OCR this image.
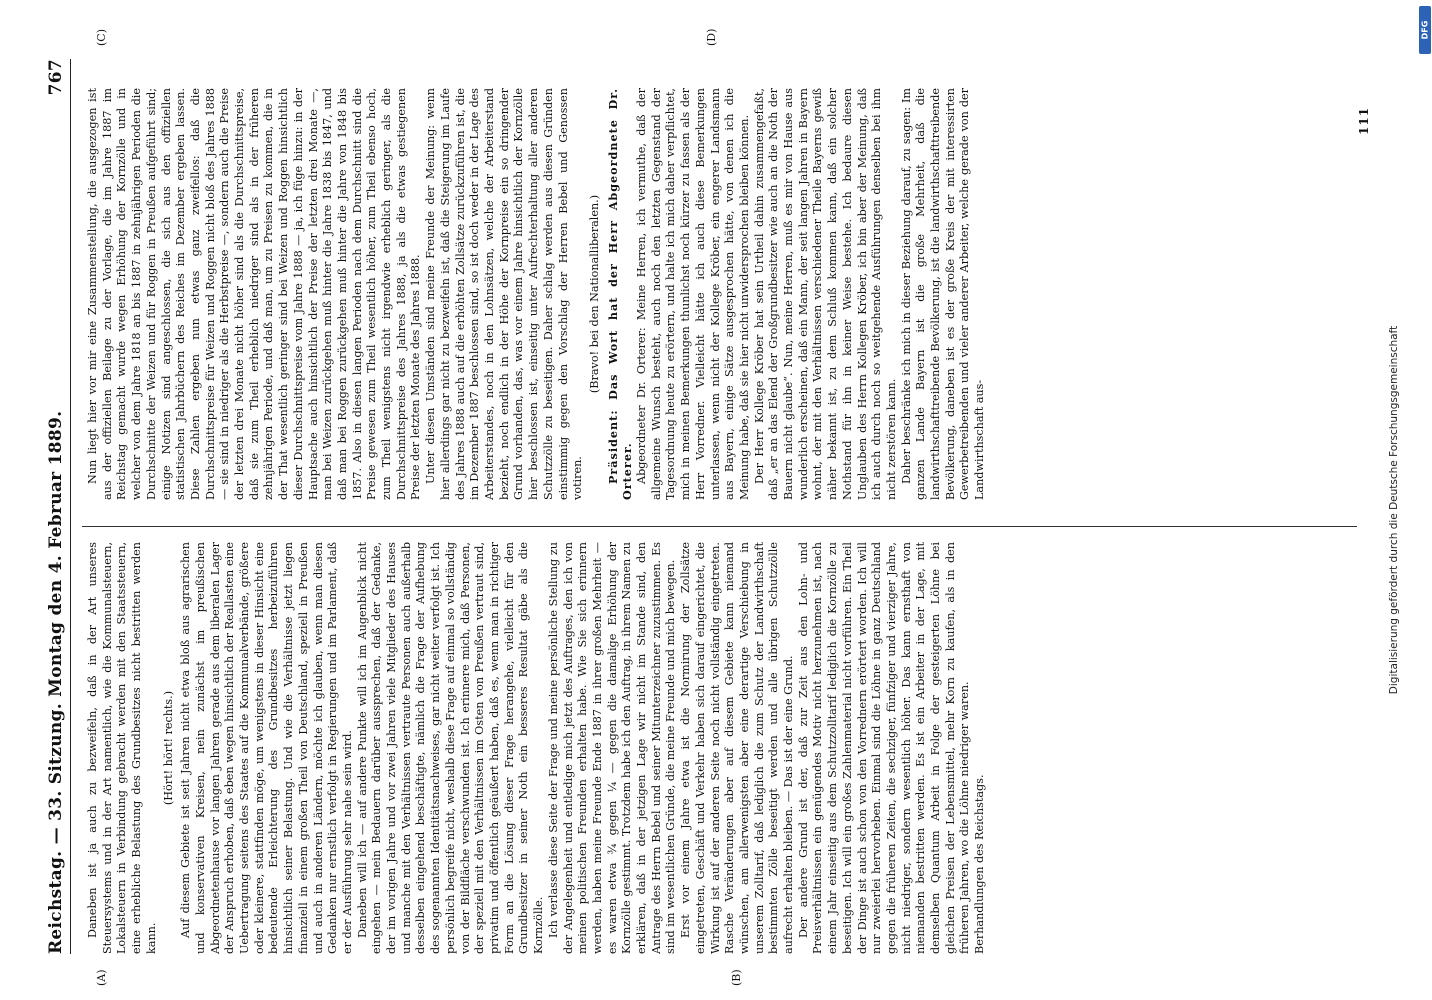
Reichstag. — 33. Sitzung. Montag den 4. Februar 1889.
767
(A)	(B)
(C)	(D)

Daneben ist ja auch zu bezweifeln, daß in der Art unseres Steuersystems und in der Art namentlich, wie die Kommunalsteuern, Lokalsteuern in Verbindung gebracht werden mit den Staatssteuern, eine erhebliche Belastung des Grundbesitzes nicht bestritten werden kann.

(Hört! hört! rechts.) Auf diesem Gebiete ist seit Jahren nicht etwa bloß aus agrarischen und konservativen Kreisen, nein zunächst im preußischen Abgeordnetenhause vor langen Jahren gerade aus dem liberalen Lager der Anspruch erhoben, daß eben wegen hinsichtlich der Reallasten eine Uebertragung seitens des Staates auf die Kommunalverbände, größere oder kleinere, stattfinden möge, um wenigstens in dieser Hinsicht eine bedeutende Erleichterung des Grundbesitzes herbeizuführen hinsichtlich seiner Belastung. Und wie die Verhältnisse jetzt liegen finanziell in einem großen Theil von Deutschland, speziell in Preußen und auch in anderen Ländern, möchte ich glauben, wenn man diesen Gedanken nur ernstlich verfolgt in Regierungen und im Parlament, daß er der Ausführung sehr nahe sein wird. Daneben will ich — auf andere Punkte will ich im Augenblick nicht eingehen — mein Bedauern darüber aussprechen, daß der Gedanke, der im vorigen Jahre und vor zwei Jahren viele Mitglieder des Hauses und manche mit den Verhältnissen vertraute Personen auch außerhalb desselben eingehend beschäftigte, nämlich die Frage der Aufhebung des sogenannten Identitätsnachweises, gar nicht weiter verfolgt ist. Ich persönlich begreife nicht, weshalb diese Frage auf einmal so vollständig von der Bildfläche verschwunden ist. Ich erinnere mich, daß Personen, der speziell mit den Verhältnissen im Osten von Preußen vertraut sind, privatim und öffentlich geäußert haben, daß es, wenn man in richtiger Form an die Lösung dieser Frage herangehe, vielleicht für den Grundbesitzer in seiner Noth ein besseres Resultat gäbe als die Kornzölle. Ich verlasse diese Seite der Frage und meine persönliche Stellung zu der Angelegenheit und entledige mich jetzt des Auftrages, den ich von meinen politischen Freunden erhalten habe. Wie Sie sich erinnern werden, haben meine Freunde Ende 1887 in ihrer großen Mehrheit — es waren etwa ¾ gegen ¼ — gegen die damalige Erhöhung der Kornzölle gestimmt. Trotzdem habe ich den Auftrag, in ihrem Namen zu erklären, daß in der jetzigen Lage wir nicht im Stande sind, den Antrage des Herrn Bebel und seiner Mitunterzeichner zuzustimmen. Es sind im wesentlichen Gründe, die meine Freunde und mich bewegen. Erst vor einem Jahre etwa ist die Normirung der Zollsätze eingetreten, Geschäft und Verkehr haben sich darauf eingerichtet, die Wirkung ist auf der anderen Seite noch nicht vollständig eingetreten. Rasche Veränderungen aber auf diesem Gebiete kann niemand wünschen, am allerwenigsten aber eine derartige Verschiebung in unserem Zolltarif, daß lediglich die zum Schutz der Landwirthschaft bestimmten Zölle beseitigt werden und alle übrigen Schutzzölle aufrecht erhalten bleiben. — Das ist der eine Grund. Der andere Grund ist der, daß zur Zeit aus den Lohn- und Preisverhältnissen ein genügendes Motiv nicht herzunehmen ist, nach einem Jahr einseitig aus dem Schutzzolltarif lediglich die Kornzölle zu beseitigen. Ich will ein großes Zahlenmaterial nicht vorführen. Ein Theil der Dinge ist auch schon von den Vorrednern erörtert worden. Ich will nur zweierlei hervorheben. Einmal sind die Löhne in ganz Deutschland gegen die früheren Zeiten, die sechziger, fünfziger und vierziger Jahre, nicht niedriger, sondern wesentlich höher. Das kann ernsthaft von niemanden bestritten werden. Es ist ein Arbeiter in der Lage, mit demselben Quantum Arbeit in Folge der gesteigerten Löhne bei gleichen Preisen der Lebensmittel, mehr Korn zu kaufen, als in den früheren Jahren, wo die Löhne niedriger waren. Berhandlungen des Reichstags.

Nun liegt hier vor mir eine Zusammenstellung, die ausgezogen ist aus der offiziellen Beilage zu der Vorlage, die im Jahre 1887 im Reichstag gemacht wurde wegen Erhöhung der Kornzölle und in welcher von dem Jahre 1818 an bis 1887 in zehnjährigen Perioden die Durchschnitte der Weizen und für Roggen in Preußen aufgeführt sind; einige Notizen sind angeschlossen, die sich aus den offiziellen statistischen Jahrbüchern des Reiches im Dezember ergeben lassen. Diese Zahlen ergeben nun etwas ganz zweifellos: daß die Durchschnittspreise für Weizen und Roggen nicht bloß des Jahres 1888 — sie sind in niedriger als die Herbstpreise —, sondern auch die Preise der letzten drei Monate nicht höher sind als die Durchschnittspreise, daß sie zum Theil erheblich niedriger sind als in der früheren zehnjährigen Periode, und daß man, um zu Preisen zu kommen, die in der That wesentlich geringer sind bei Weizen und Roggen hinsichtlich dieser Durchschnittspreise vom Jahre 1888 — ja, ich füge hinzu: in der Hauptsache auch hinsichtlich der Preise der letzten drei Monate —, man bei Weizen zurückgehen muß hinter die Jahre 1838 bis 1847, und daß man bei Roggen zurückgehen muß hinter die Jahre von 1848 bis 1857. Also in diesen langen Perioden nach dem Durchschnitt sind die Preise gewesen zum Theil wesentlich höher, zum Theil ebenso hoch, zum Theil wenigstens nicht irgendwie erheblich geringer, als die Durchschnittspreise des Jahres 1888, ja als die etwas gestiegenen Preise der letzten Monate des Jahres 1888. Unter diesen Umständen sind meine Freunde der Meinung: wenn hier allerdings gar nicht zu bezweifeln ist, daß die Steigerung im Laufe des Jahres 1888 auch auf die erhöhten Zollsätze zurückzuführen ist, die im Dezember 1887 beschlossen sind, so ist doch weder in der Lage des Arbeiterstandes, noch in den Lohnsätzen, welche der Arbeiterstand bezieht, noch endlich in der Höhe der Kornpreise ein so dringender Grund vorhanden, das, was vor einem Jahre hinsichtlich der Kornzölle hier beschlossen ist, einseitig unter Aufrechterhaltung aller anderen Schutzzölle zu beseitigen. Daher schlag werden aus diesen Gründen einstimmig gegen den Vorschlag der Herren Bebel und Genossen votiren.

(Bravo! bei den Nationalliberalen.) Präsident: Das Wort hat der Herr Abgeordnete Dr. Orterer. Abgeordneter Dr. Orterer: Meine Herren, ich vermuthe, daß der allgemeine Wunsch besteht, auch noch den letzten Gegenstand der Tagesordnung heute zu erörtern, und halte ich mich daher verpflichtet, mich in meinen Bemerkungen thunlichst noch kürzer zu fassen als der Herr Vorredner. Vielleicht hätte ich auch diese Bemerkungen unterlassen, wenn nicht der Kollege Kröber, ein engerer Landsmann aus Bayern, einige Sätze ausgesprochen hätte, von denen ich die Meinung habe, daß sie hier nicht unwidersprochen bleiben können. Der Herr Kollege Kröber hat sein Urtheil dahin zusammengefaßt, daß „er an das Elend der Großgrundbesitzer wie auch an die Noth der Bauern nicht glaube“. Nun, meine Herren, muß es mir von Hause aus wunderlich erscheinen, daß ein Mann, der seit langen Jahren in Bayern wohnt, der mit den Verhältnissen verschiedener Theile Bayerns gewiß näher bekannt ist, zu dem Schluß kommen kann, daß ein solcher Nothstand für ihn in keiner Weise bestehe. Ich bedaure diesen Unglauben des Herrn Kollegen Kröber, ich bin aber der Meinung, daß ich auch durch noch so weitgehende Ausführungen denselben bei ihm nicht zerstören kann. Daher beschränke ich mich in dieser Beziehung darauf, zu sagen: Im ganzen Lande Bayern ist die große Mehrheit, daß die landwirthschafttreibende Bevölkerung, ist die landwirthschafttreibende Bevölkerung, daneben ist es der große Kreis der mit interessirten Gewerbetreibenden und vieler anderer Arbeiter, welche gerade von der Landwirthschaft aus-

111
Digitalisierung gefördert durch die Deutsche Forschungsgemeinschaft
DFG
